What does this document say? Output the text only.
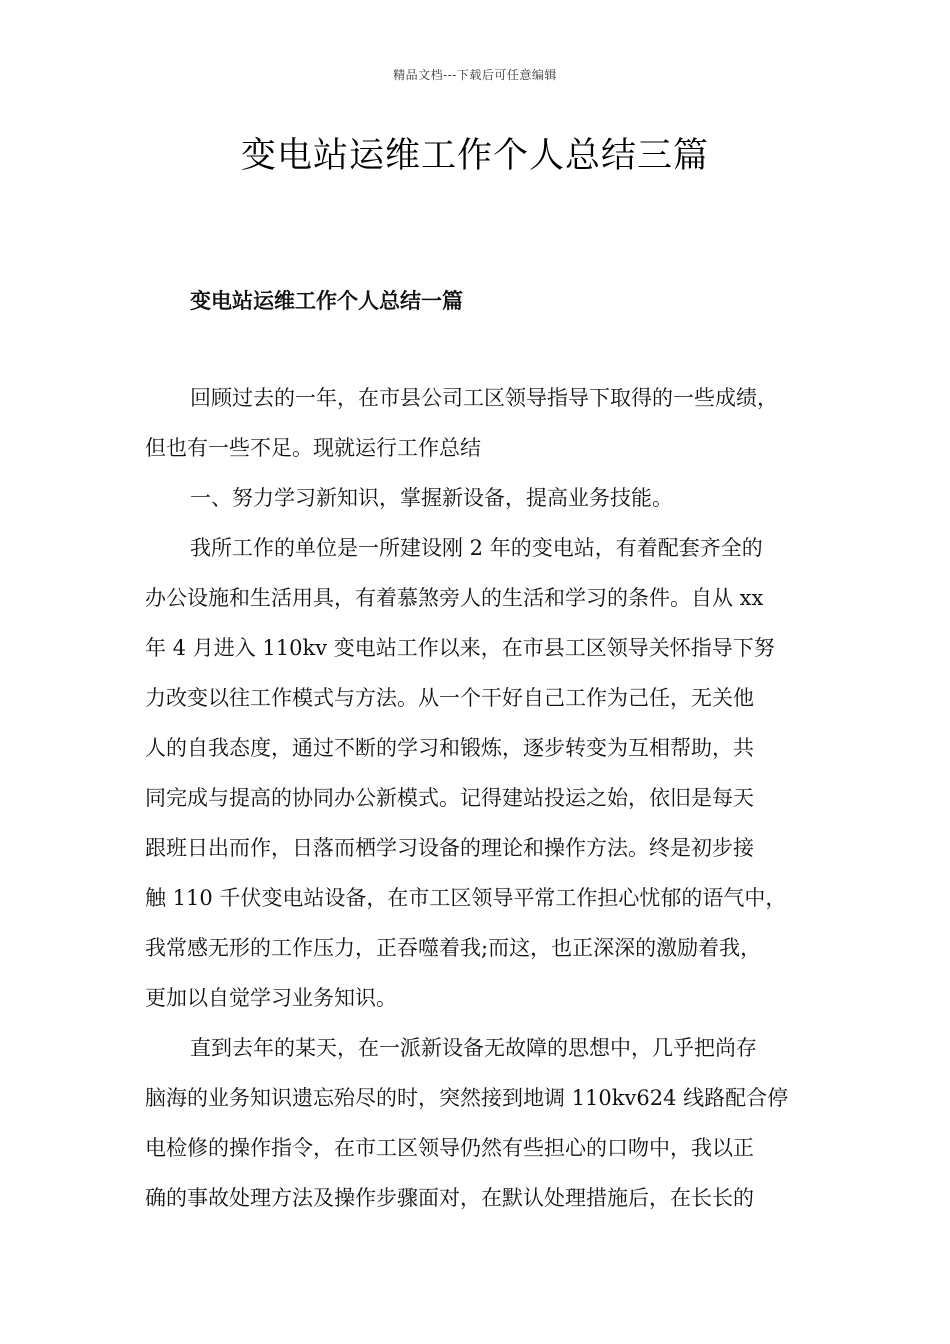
精品文档---下载后可任意编辑
变电站运维工作个人总结三篇
变电站运维工作个人总结一篇
回顾过去的一年，在市县公司工区领导指导下取得的一些成绩，
但也有一些不足。现就运行工作总结
一、努力学习新知识，掌握新设备，提高业务技能。
我所工作的单位是一所建设刚 2 年的变电站，有着配套齐全的
办公设施和生活用具，有着慕煞旁人的生活和学习的条件。自从 xx
年 4 月进入 110kv 变电站工作以来，在市县工区领导关怀指导下努
力改变以往工作模式与方法。从一个干好自己工作为己任，无关他
人的自我态度，通过不断的学习和锻炼，逐步转变为互相帮助，共
同完成与提高的协同办公新模式。记得建站投运之始，依旧是每天
跟班日出而作，日落而栖学习设备的理论和操作方法。终是初步接
触 110 千伏变电站设备，在市工区领导平常工作担心忧郁的语气中，
我常感无形的工作压力，正吞噬着我;而这，也正深深的激励着我，
更加以自觉学习业务知识。
直到去年的某天，在一派新设备无故障的思想中，几乎把尚存
脑海的业务知识遗忘殆尽的时，突然接到地调 110kv624 线路配合停
电检修的操作指令，在市工区领导仍然有些担心的口吻中，我以正
确的事故处理方法及操作步骤面对，在默认处理措施后，在长长的
